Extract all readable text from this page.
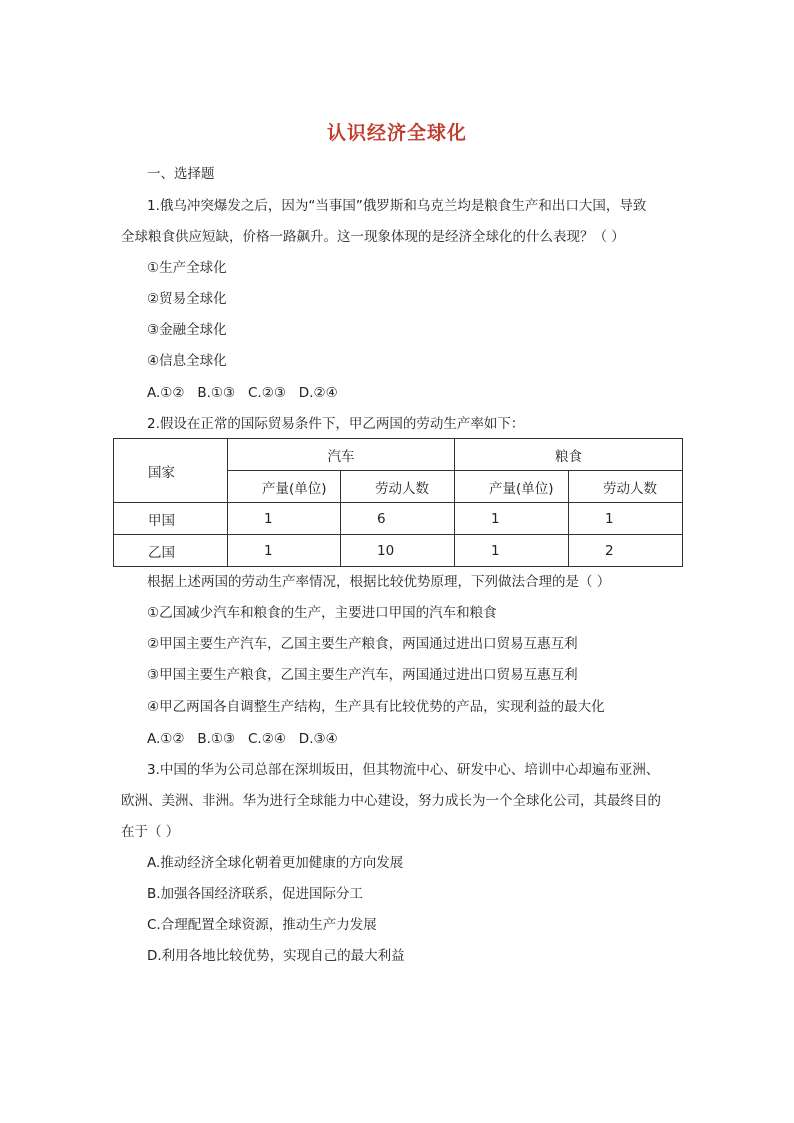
认识经济全球化
一、选择题
1.俄乌冲突爆发之后，因为“当事国”俄罗斯和乌克兰均是粮食生产和出口大国，导致
全球粮食供应短缺，价格一路飙升。这一现象体现的是经济全球化的什么表现？（ ）
①生产全球化
②贸易全球化
③金融全球化
④信息全球化
A.①②   B.①③   C.②③   D.②④
2.假设在正常的国际贸易条件下，甲乙两国的劳动生产率如下：
国家	汽车		粮食	
	产量(单位)	劳动人数	产量(单位)	劳动人数
甲国	1	6	1	1
乙国	1	10	1	2
根据上述两国的劳动生产率情况，根据比较优势原理，下列做法合理的是（ ）
①乙国减少汽车和粮食的生产，主要进口甲国的汽车和粮食
②甲国主要生产汽车，乙国主要生产粮食，两国通过进出口贸易互惠互利
③甲国主要生产粮食，乙国主要生产汽车，两国通过进出口贸易互惠互利
④甲乙两国各自调整生产结构，生产具有比较优势的产品，实现利益的最大化
A.①②   B.①③   C.②④   D.③④
3.中国的华为公司总部在深圳坂田，但其物流中心、研发中心、培训中心却遍布亚洲、
欧洲、美洲、非洲。华为进行全球能力中心建设，努力成长为一个全球化公司，其最终目的
在于（ ）
A.推动经济全球化朝着更加健康的方向发展
B.加强各国经济联系，促进国际分工
C.合理配置全球资源，推动生产力发展
D.利用各地比较优势，实现自己的最大利益
